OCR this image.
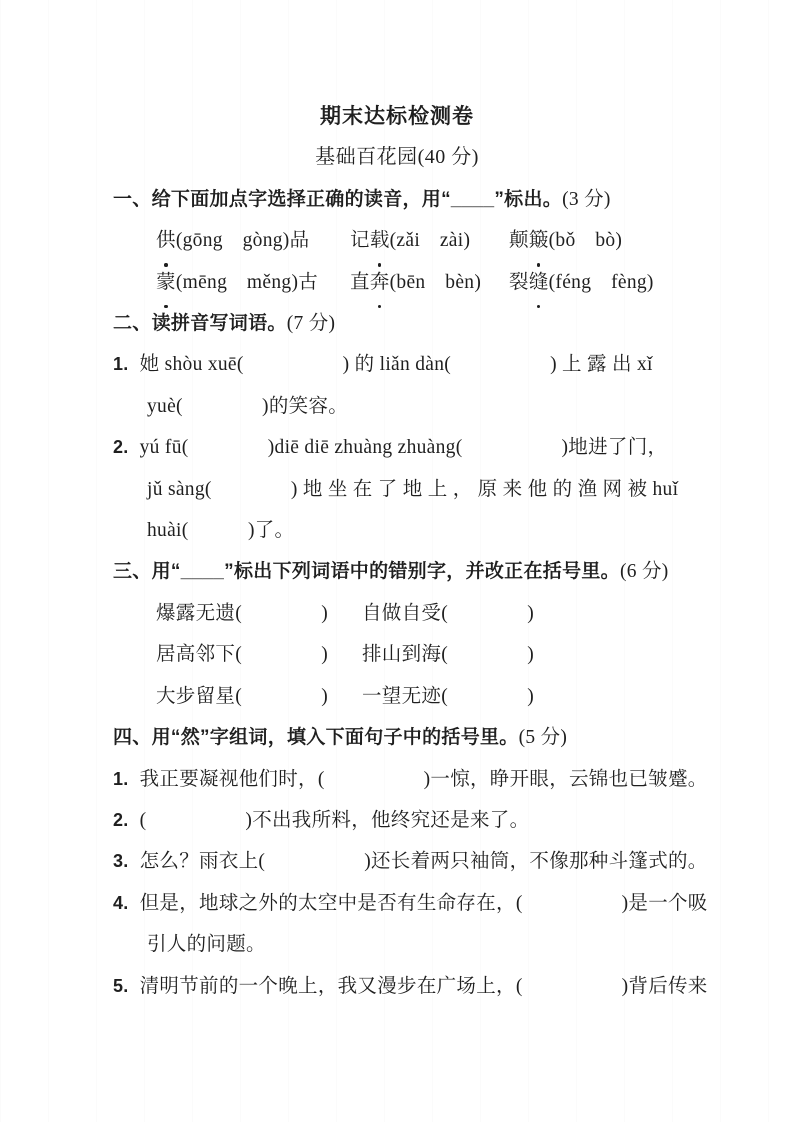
期末达标检测卷
基础百花园(40 分)
一、给下面加点字选择正确的读音，用“____”标出。(3 分)
供(gōng　gòng)品	记载(zǎi　zài)	颠簸(bǒ　bò)
蒙(mēng　měng)古	直奔(bēn　bèn)	裂缝(féng　fèng)
二、读拼音写词语。(7 分)
1. 她 shòu xuē(　　　　　) 的 liǎn dàn(　　　　　) 上 露 出 xǐ
yuè(　　　　)的笑容。
2. yú fū(　　　　)diē diē zhuàng zhuàng(　　　　　)地进了门，
jǔ sàng(　　　　) 地 坐 在 了 地 上 ， 原 来 他 的 渔 网 被 huǐ
huài(　　　)了。
三、用“____”标出下列词语中的错别字，并改正在括号里。(6 分)
爆露无遗(　　　　) 自做自受(　　　　)
居高邻下(　　　　) 排山到海(　　　　)
大步留星(　　　　) 一望无迹(　　　　)
四、用“然”字组词，填入下面句子中的括号里。(5 分)
1. 我正要凝视他们时，(　　　　　)一惊，睁开眼，云锦也已皱蹙。
2. (　　　　　)不出我所料，他终究还是来了。
3. 怎么？雨衣上(　　　　　)还长着两只袖筒，不像那种斗篷式的。
4. 但是，地球之外的太空中是否有生命存在，(　　　　　)是一个吸
引人的问题。
5. 清明节前的一个晚上，我又漫步在广场上，(　　　　　)背后传来
